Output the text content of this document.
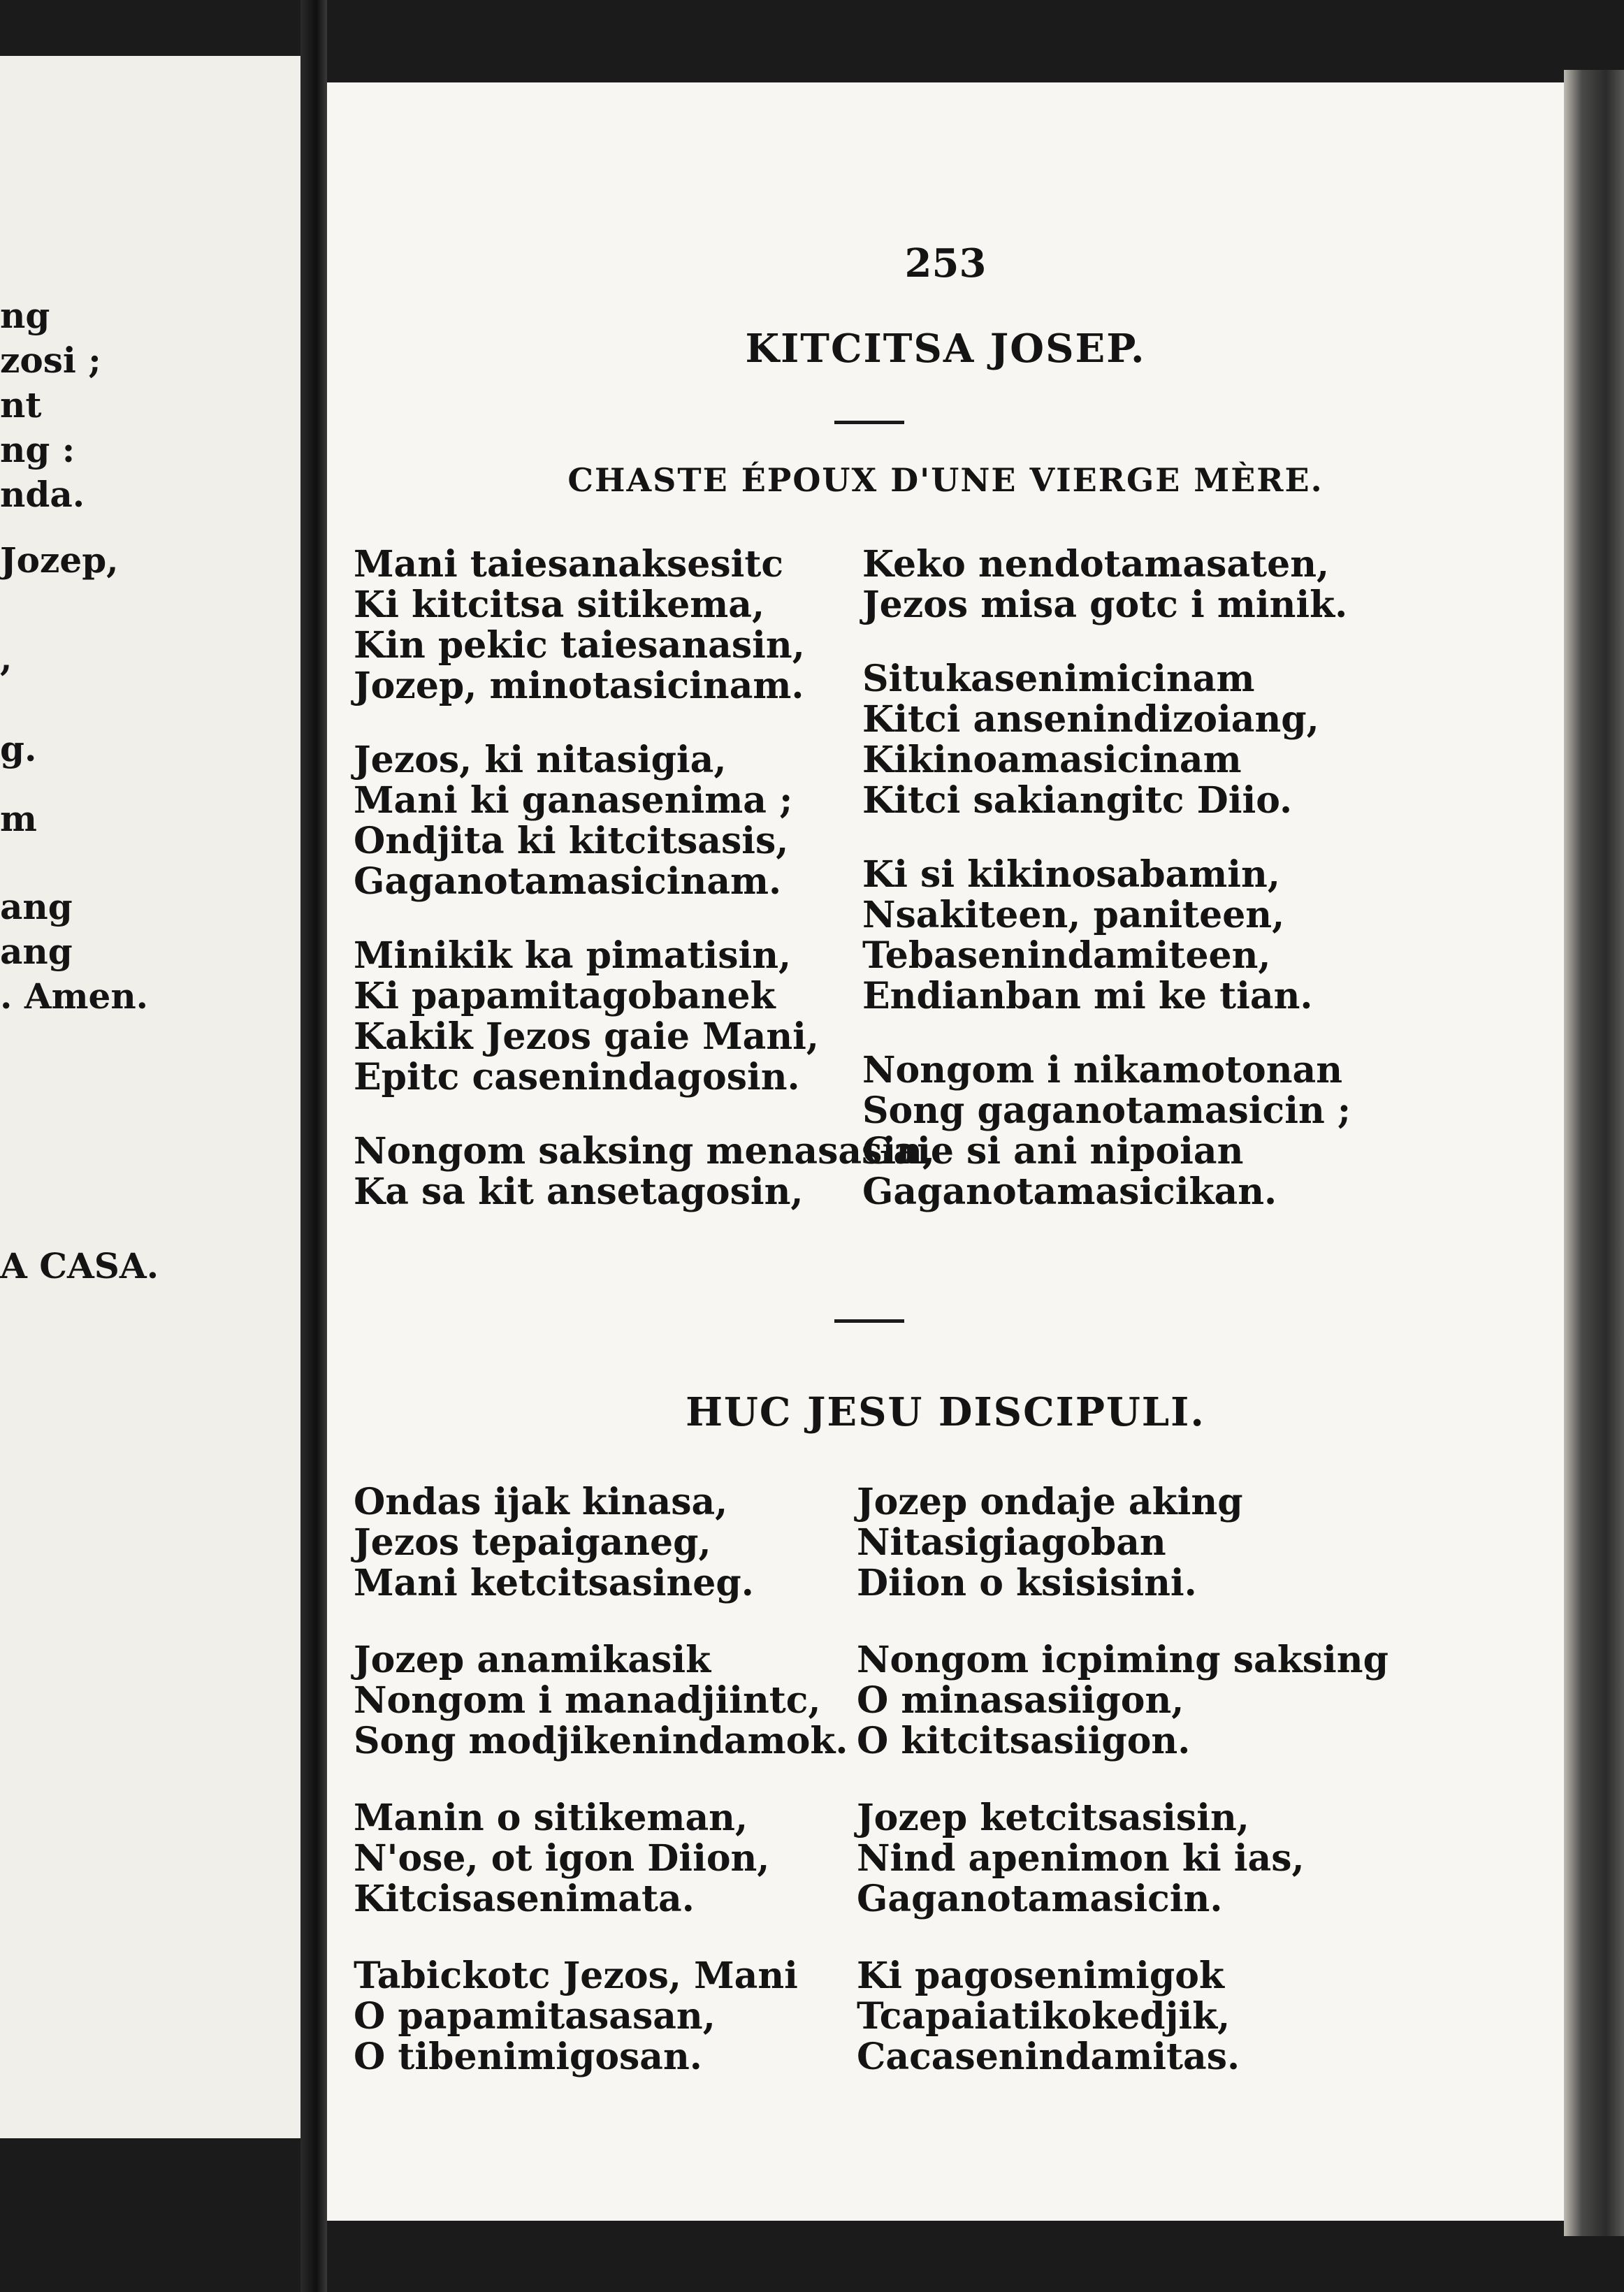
ng
zosi ;
nt
ng :
nda.
Jozep,
,
g.
m
ang
ang
. Amen.
A CASA.
253
KITCITSA JOSEP.
CHASTE ÉPOUX D'UNE VIERGE MÈRE.
Mani taiesanaksesitc
Ki kitcitsa sitikema,
Kin pekic taiesanasin,
Jozep, minotasicinam.
Jezos, ki nitasigia,
Mani ki ganasenima ;
Ondjita ki kitcitsasis,
Gaganotamasicinam.
Minikik ka pimatisin,
Ki papamitagobanek
Kakik Jezos gaie Mani,
Epitc casenindagosin.
Nongom saksing menasasin,
Ka sa kit ansetagosin,
Keko nendotamasaten,
Jezos misa gotc i minik.
Situkasenimicinam
Kitci ansenindizoiang,
Kikinoamasicinam
Kitci sakiangitc Diio.
Ki si kikinosabamin,
Nsakiteen, paniteen,
Tebasenindamiteen,
Endianban mi ke tian.
Nongom i nikamotonan
Song gaganotamasicin ;
Gaie si ani nipoian
Gaganotamasicikan.
HUC JESU DISCIPULI.
Ondas ijak kinasa,
Jezos tepaiganeg,
Mani ketcitsasineg.
Jozep anamikasik
Nongom i manadjiintc,
Song modjikenindamok.
Manin o sitikeman,
N'ose, ot igon Diion,
Kitcisasenimata.
Tabickotc Jezos, Mani
O papamitasasan,
O tibenimigosan.
Jozep ondaje aking
Nitasigiagoban
Diion o ksisisini.
Nongom icpiming saksing
O minasasiigon,
O kitcitsasiigon.
Jozep ketcitsasisin,
Nind apenimon ki ias,
Gaganotamasicin.
Ki pagosenimigok
Tcapaiatikokedjik,
Cacasenindamitas.
